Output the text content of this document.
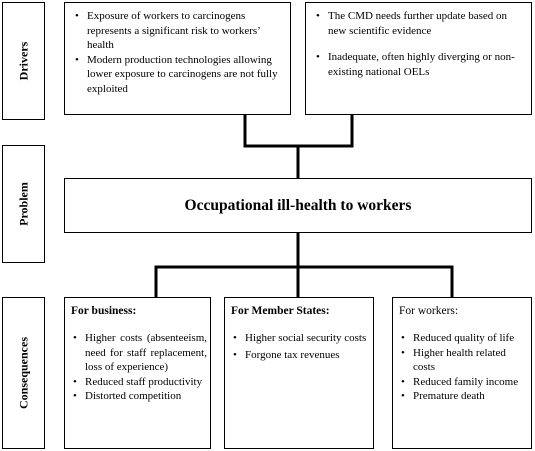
Drivers
Problem
Consequences
• Exposure of workers to carcinogens represents a significant risk to workers’ health
• Modern production technologies allowing lower exposure to carcinogens are not fully exploited
• The CMD needs further update based on new scientific evidence
• Inadequate, often highly diverging or non-existing national OELs
Occupational ill-health to workers
For business:
• Higher costs (absenteeism, need for staff replacement, loss of experience)
• Reduced staff productivity
• Distorted competition
For Member States:
• Higher social security costs
• Forgone tax revenues
For workers:
• Reduced quality of life
• Higher health related costs
• Reduced family income
• Premature death
